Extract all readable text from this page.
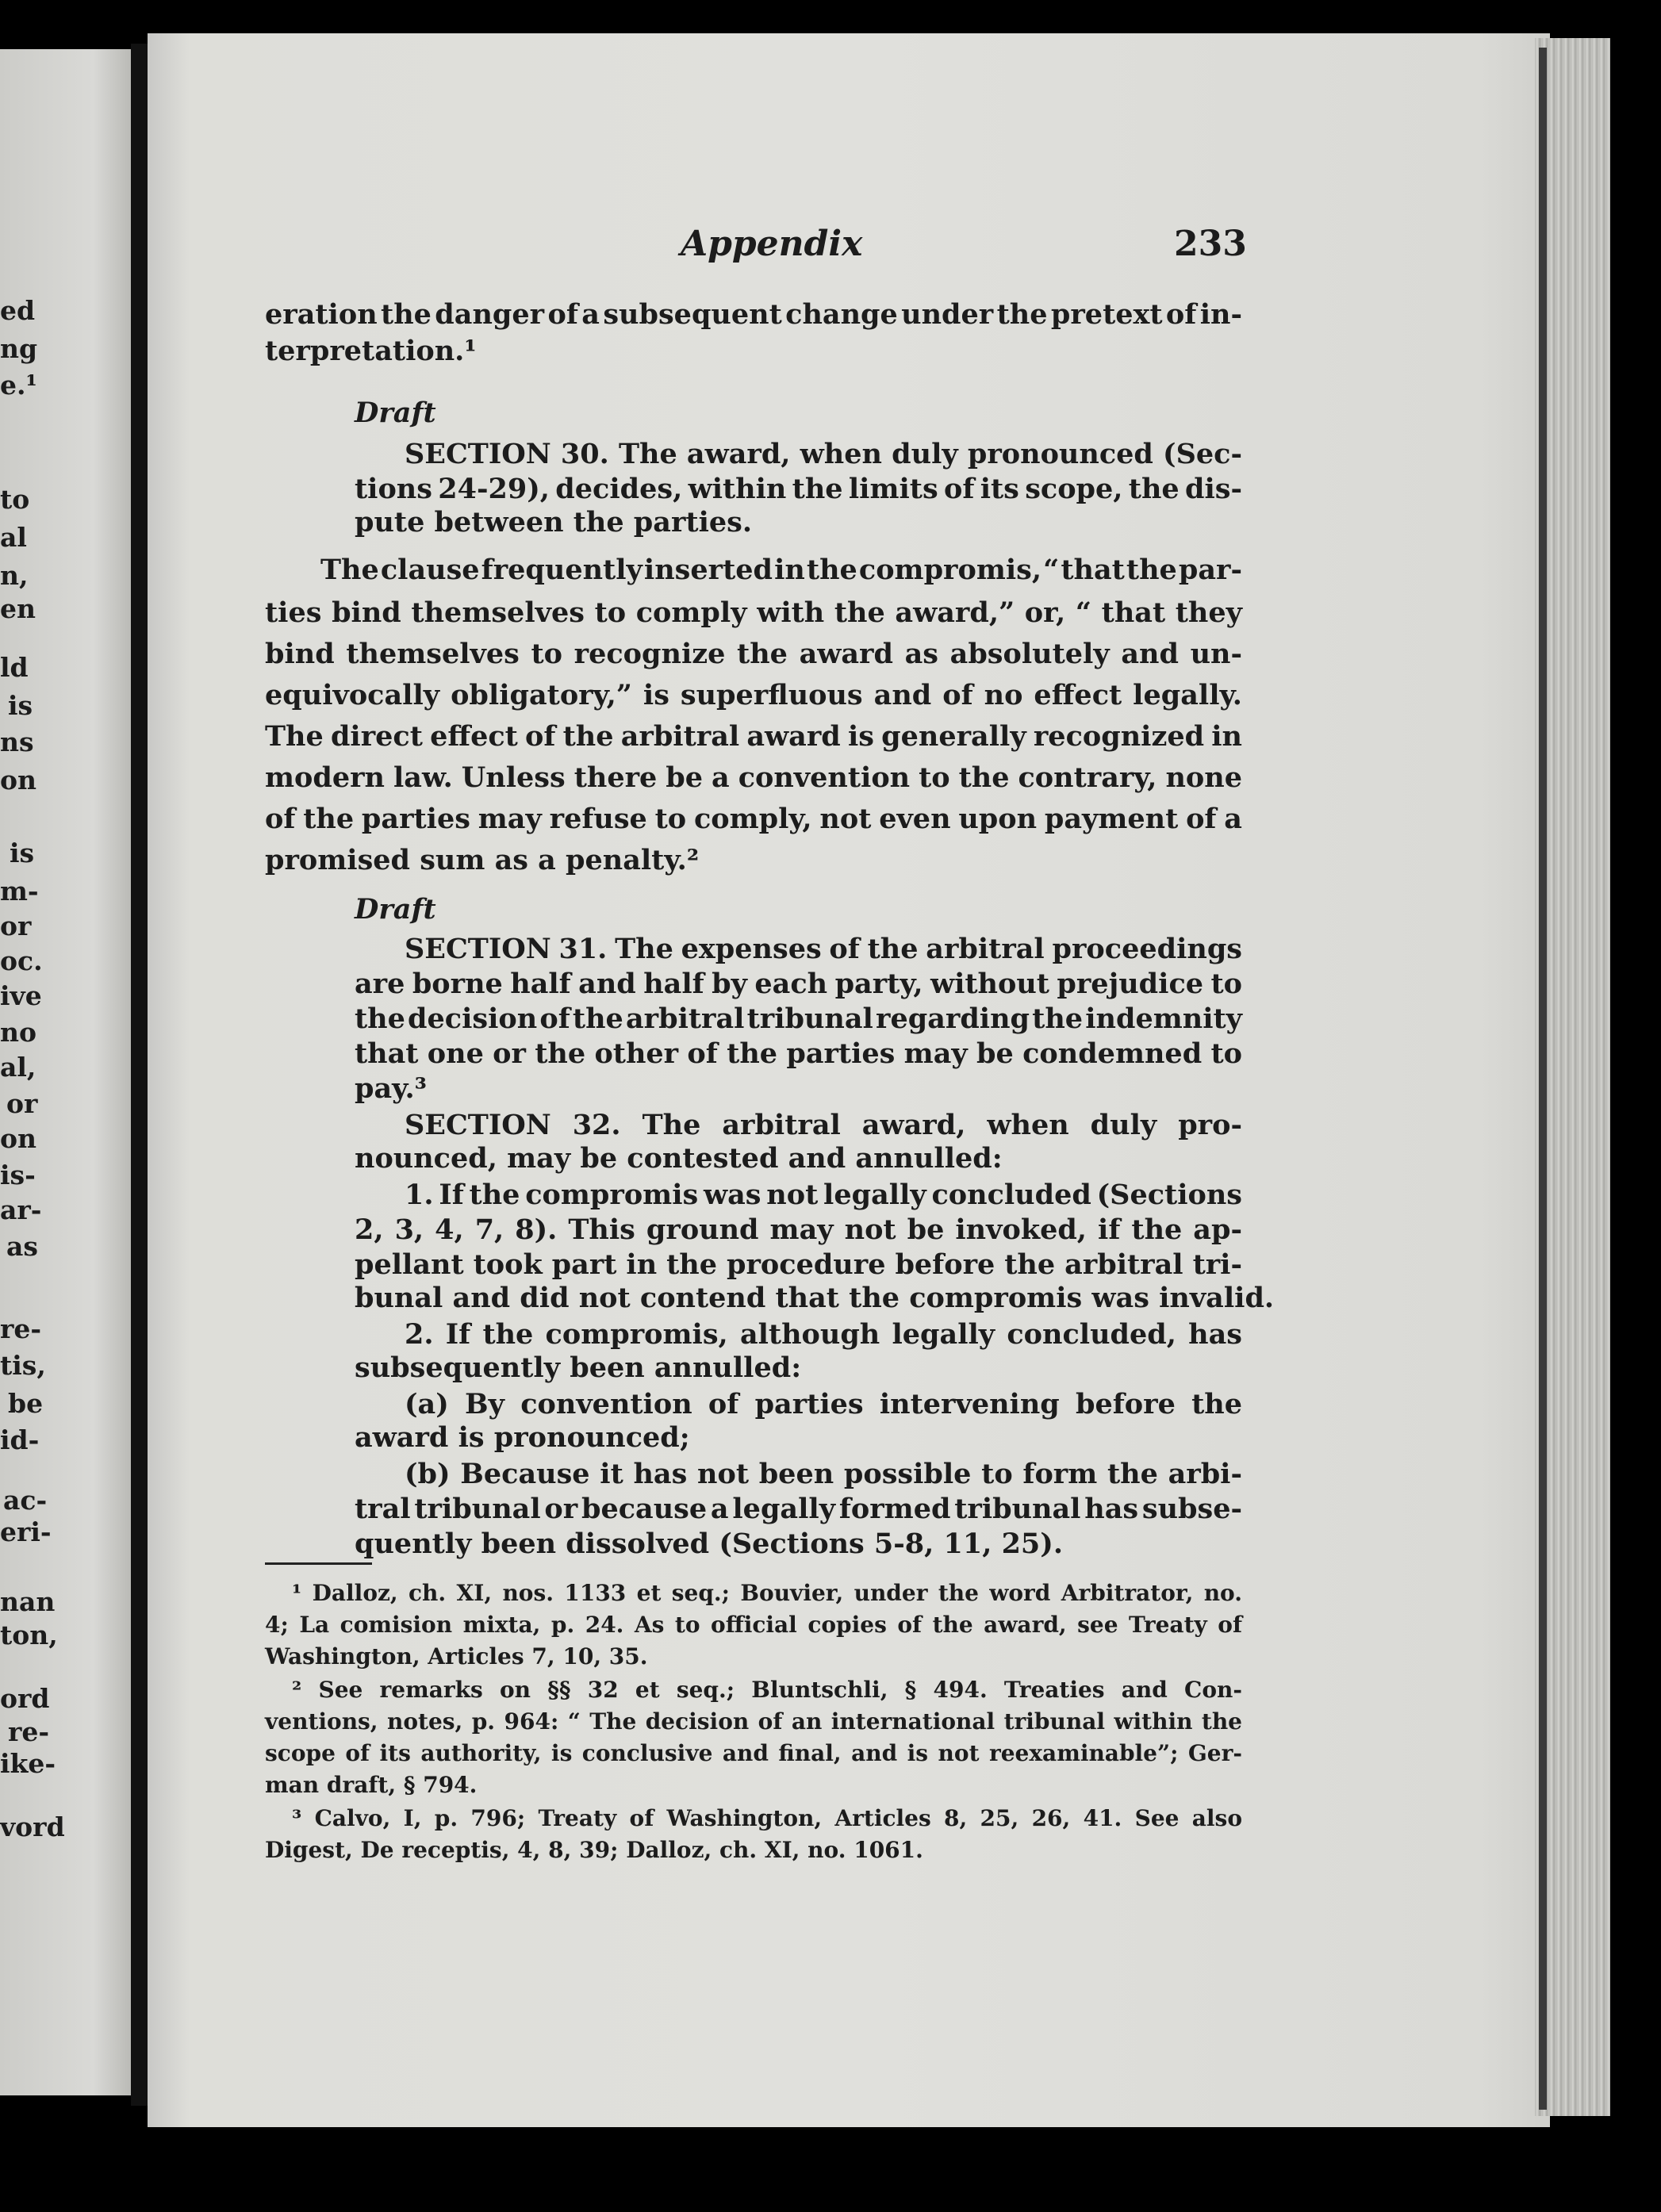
ed
ng
e.¹
to
al
n,
en
ld
is
ns
on
is
m-
or
oc.
ive
no
al,
or
on
is-
ar-
as
re-
tis,
be
id-
ac-
eri-
nan
ton,
ord
re-
ike-
vord
Appendix	233
eration the danger of a subsequent change under the pretext of in-
terpretation.¹
Draft
SECTION 30. The award, when duly pronounced (Sec-
tions 24-29), decides, within the limits of its scope, the dis-
pute between the parties.
The clause frequently inserted in the compromis, “ that the par-
ties bind themselves to comply with the award,” or, “ that they
bind themselves to recognize the award as absolutely and un-
equivocally obligatory,” is superfluous and of no effect legally.
The direct effect of the arbitral award is generally recognized in
modern law. Unless there be a convention to the contrary, none
of the parties may refuse to comply, not even upon payment of a
promised sum as a penalty.²
Draft
SECTION 31. The expenses of the arbitral proceedings
are borne half and half by each party, without prejudice to
the decision of the arbitral tribunal regarding the indemnity
that one or the other of the parties may be condemned to
pay.³
SECTION 32. The arbitral award, when duly pro-
nounced, may be contested and annulled:
1. If the compromis was not legally concluded (Sections
2, 3, 4, 7, 8). This ground may not be invoked, if the ap-
pellant took part in the procedure before the arbitral tri-
bunal and did not contend that the compromis was invalid.
2. If the compromis, although legally concluded, has
subsequently been annulled:
(a) By convention of parties intervening before the
award is pronounced;
(b) Because it has not been possible to form the arbi-
tral tribunal or because a legally formed tribunal has subse-
quently been dissolved (Sections 5-8, 11, 25).
¹ Dalloz, ch. XI, nos. 1133 et seq.; Bouvier, under the word Arbitrator, no.
4; La comision mixta, p. 24. As to official copies of the award, see Treaty of
Washington, Articles 7, 10, 35.
² See remarks on §§ 32 et seq.; Bluntschli, § 494. Treaties and Con-
ventions, notes, p. 964: “ The decision of an international tribunal within the
scope of its authority, is conclusive and final, and is not reexaminable”; Ger-
man draft, § 794.
³ Calvo, I, p. 796; Treaty of Washington, Articles 8, 25, 26, 41. See also
Digest, De receptis, 4, 8, 39; Dalloz, ch. XI, no. 1061.
